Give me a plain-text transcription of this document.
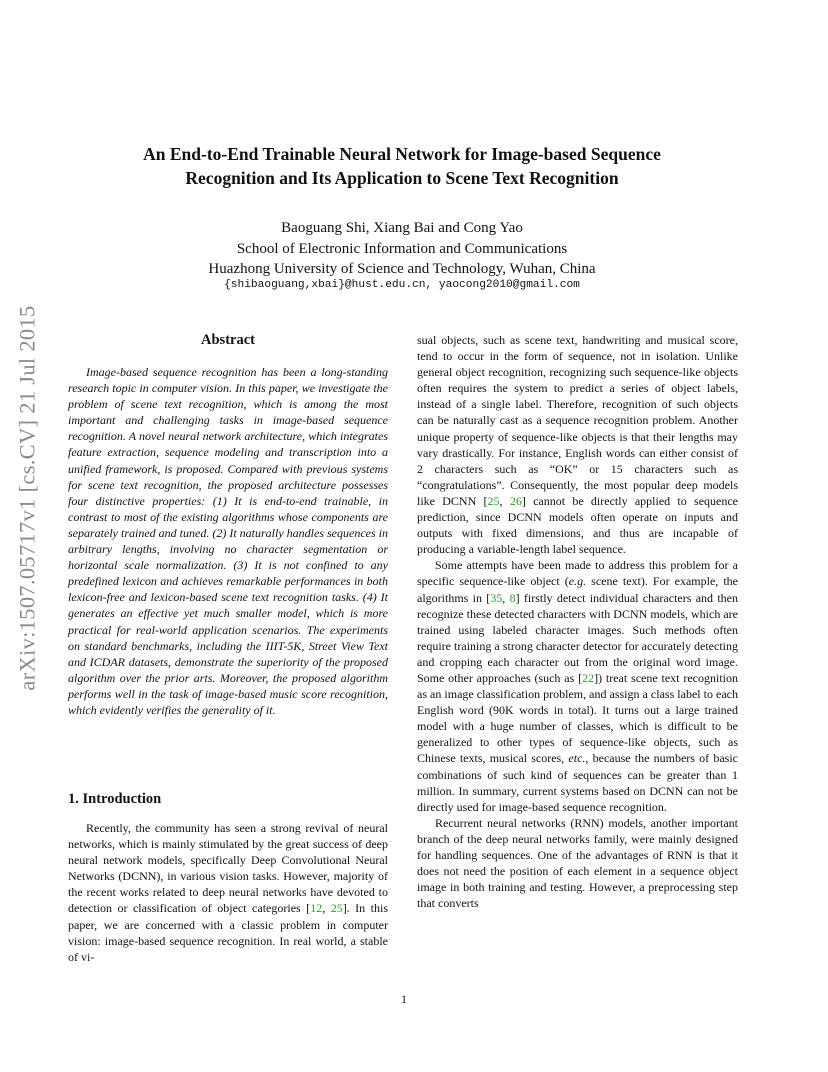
arXiv:1507.05717v1 [cs.CV] 21 Jul 2015
An End-to-End Trainable Neural Network for Image-based Sequence
Recognition and Its Application to Scene Text Recognition
Baoguang Shi, Xiang Bai and Cong Yao
School of Electronic Information and Communications
Huazhong University of Science and Technology, Wuhan, China
{shibaoguang,xbai}@hust.edu.cn, yaocong2010@gmail.com
Abstract
Image-based sequence recognition has been a long-standing research topic in computer vision. In this paper, we investigate the problem of scene text recognition, which is among the most important and challenging tasks in image-based sequence recognition. A novel neural network architecture, which integrates feature extraction, sequence modeling and transcription into a unified framework, is proposed. Compared with previous systems for scene text recognition, the proposed architecture possesses four distinctive properties: (1) It is end-to-end trainable, in contrast to most of the existing algorithms whose components are separately trained and tuned. (2) It naturally handles sequences in arbitrary lengths, involving no character segmentation or horizontal scale normalization. (3) It is not confined to any predefined lexicon and achieves remarkable performances in both lexicon-free and lexicon-based scene text recognition tasks. (4) It generates an effective yet much smaller model, which is more practical for real-world application scenarios. The experiments on standard benchmarks, including the IIIT-5K, Street View Text and ICDAR datasets, demonstrate the superiority of the proposed algorithm over the prior arts. Moreover, the proposed algorithm performs well in the task of image-based music score recognition, which evidently verifies the generality of it.
1. Introduction
Recently, the community has seen a strong revival of neural networks, which is mainly stimulated by the great success of deep neural network models, specifically Deep Convolutional Neural Networks (DCNN), in various vision tasks. However, majority of the recent works related to deep neural networks have devoted to detection or classification of object categories [12, 25]. In this paper, we are concerned with a classic problem in computer vision: image-based sequence recognition. In real world, a stable of vi-

sual objects, such as scene text, handwriting and musical score, tend to occur in the form of sequence, not in isolation. Unlike general object recognition, recognizing such sequence-like objects often requires the system to predict a series of object labels, instead of a single label. Therefore, recognition of such objects can be naturally cast as a sequence recognition problem. Another unique property of sequence-like objects is that their lengths may vary drastically. For instance, English words can either consist of 2 characters such as “OK” or 15 characters such as “congratulations”. Consequently, the most popular deep models like DCNN [25, 26] cannot be directly applied to sequence prediction, since DCNN models often operate on inputs and outputs with fixed dimensions, and thus are incapable of producing a variable-length label sequence.

Some attempts have been made to address this problem for a specific sequence-like object (e.g. scene text). For example, the algorithms in [35, 8] firstly detect individual characters and then recognize these detected characters with DCNN models, which are trained using labeled character images. Such methods often require training a strong character detector for accurately detecting and cropping each character out from the original word image. Some other approaches (such as [22]) treat scene text recognition as an image classification problem, and assign a class label to each English word (90K words in total). It turns out a large trained model with a huge number of classes, which is difficult to be generalized to other types of sequence-like objects, such as Chinese texts, musical scores, etc., because the numbers of basic combinations of such kind of sequences can be greater than 1 million. In summary, current systems based on DCNN can not be directly used for image-based sequence recognition.

Recurrent neural networks (RNN) models, another important branch of the deep neural networks family, were mainly designed for handling sequences. One of the advantages of RNN is that it does not need the position of each element in a sequence object image in both training and testing. However, a preprocessing step that converts

1
